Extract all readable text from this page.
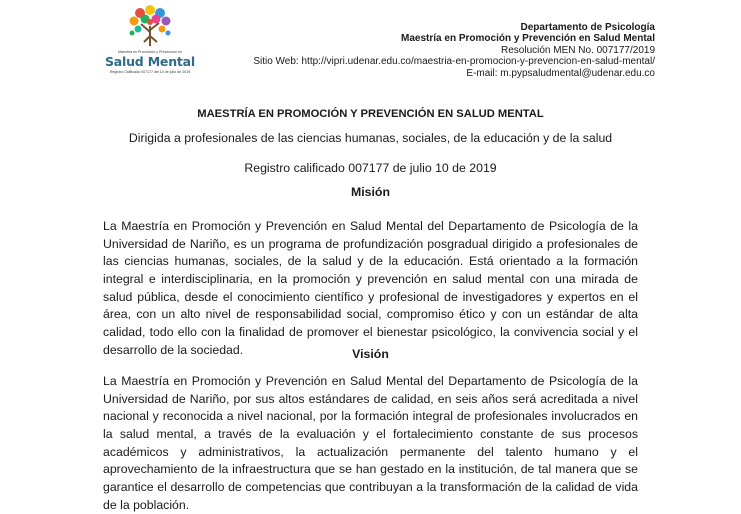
Maestría en Promoción y Prevención en
Salud Mental
Registro Calificado 007177 del 10 de julio de 2019
Departamento de Psicología
Maestría en Promoción y Prevención en Salud Mental
Resolución MEN No. 007177/2019
Sitio Web: http://vipri.udenar.edu.co/maestria-en-promocion-y-prevencion-en-salud-mental/
E-mail: m.pypsaludmental@udenar.edu.co
MAESTRÍA EN PROMOCIÓN Y PREVENCIÓN EN SALUD MENTAL
Dirigida a profesionales de las ciencias humanas, sociales, de la educación y de la salud
Registro calificado 007177 de julio 10 de 2019
Misión
La Maestría en Promoción y Prevención en Salud Mental del Departamento de Psicología de la Universidad de Nariño, es un programa de profundización posgradual dirigido a profesionales de las ciencias humanas, sociales, de la salud y de la educación. Está orientado a la formación integral e interdisciplinaria, en la promoción y prevención en salud mental con una mirada de salud pública, desde el conocimiento científico y profesional de investigadores y expertos en el área, con un alto nivel de responsabilidad social, compromiso ético y con un estándar de alta calidad, todo ello con la finalidad de promover el bienestar psicológico, la convivencia social y el desarrollo de la sociedad.	Visión
La Maestría en Promoción y Prevención en Salud Mental del Departamento de Psicología de la Universidad de Nariño, por sus altos estándares de calidad, en seis años será acreditada a nivel nacional y reconocida a nivel nacional, por la formación integral de profesionales involucrados en la salud mental, a través de la evaluación y el fortalecimiento constante de sus procesos académicos y administrativos, la actualización permanente del talento humano y el aprovechamiento de la infraestructura que se han gestado en la institución, de tal manera que se garantice el desarrollo de competencias que contribuyan a la transformación de la calidad de vida de la población.
